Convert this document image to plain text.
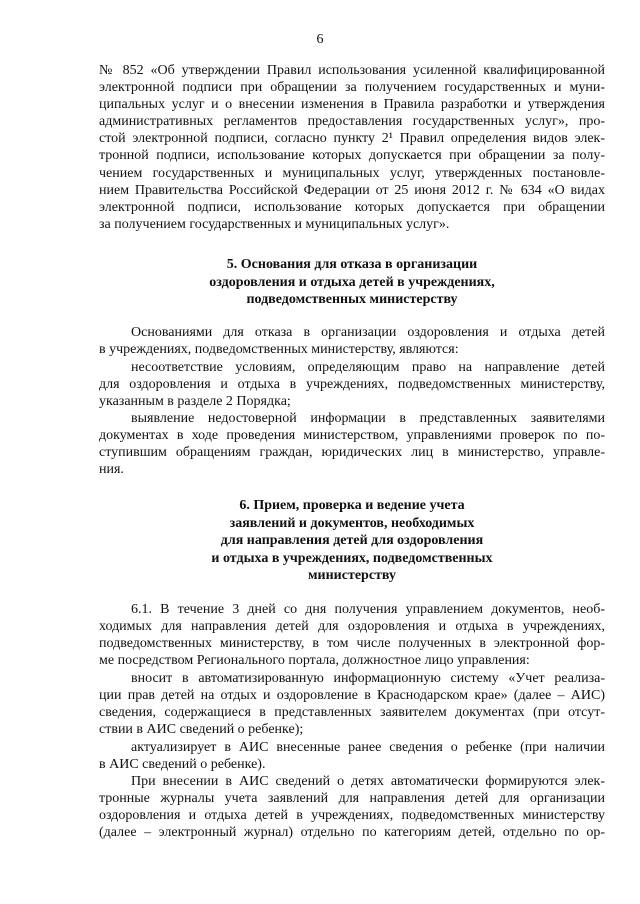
6
№ 852 «Об утверждении Правил использования усиленной квалифицированной
электронной подписи при обращении за получением государственных и муни-
ципальных услуг и о внесении изменения в Правила разработки и утверждения
административных регламентов предоставления государственных услуг», про-
стой электронной подписи, согласно пункту 2¹ Правил определения видов элек-
тронной подписи, использование которых допускается при обращении за полу-
чением государственных и муниципальных услуг, утвержденных постановле-
нием Правительства Российской Федерации от 25 июня 2012 г. № 634 «О видах
электронной подписи, использование которых допускается при обращении
за получением государственных и муниципальных услуг».
5. Основания для отказа в организации
оздоровления и отдыха детей в учреждениях,
подведомственных министерству
Основаниями для отказа в организации оздоровления и отдыха детей
в учреждениях, подведомственных министерству, являются:
несоответствие условиям, определяющим право на направление детей
для оздоровления и отдыха в учреждениях, подведомственных министерству,
указанным в разделе 2 Порядка;
выявление недостоверной информации в представленных заявителями
документах в ходе проведения министерством, управлениями проверок по по-
ступившим обращениям граждан, юридических лиц в министерство, управле-
ния.
6. Прием, проверка и ведение учета
заявлений и документов, необходимых
для направления детей для оздоровления
и отдыха в учреждениях, подведомственных
министерству
6.1. В течение 3 дней со дня получения управлением документов, необ-
ходимых для направления детей для оздоровления и отдыха в учреждениях,
подведомственных министерству, в том числе полученных в электронной фор-
ме посредством Регионального портала, должностное лицо управления:
вносит в автоматизированную информационную систему «Учет реализа-
ции прав детей на отдых и оздоровление в Краснодарском крае» (далее – АИС)
сведения, содержащиеся в представленных заявителем документах (при отсут-
ствии в АИС сведений о ребенке);
актуализирует в АИС внесенные ранее сведения о ребенке (при наличии
в АИС сведений о ребенке).
При внесении в АИС сведений о детях автоматически формируются элек-
тронные журналы учета заявлений для направления детей для организации
оздоровления и отдыха детей в учреждениях, подведомственных министерству
(далее – электронный журнал) отдельно по категориям детей, отдельно по ор-
